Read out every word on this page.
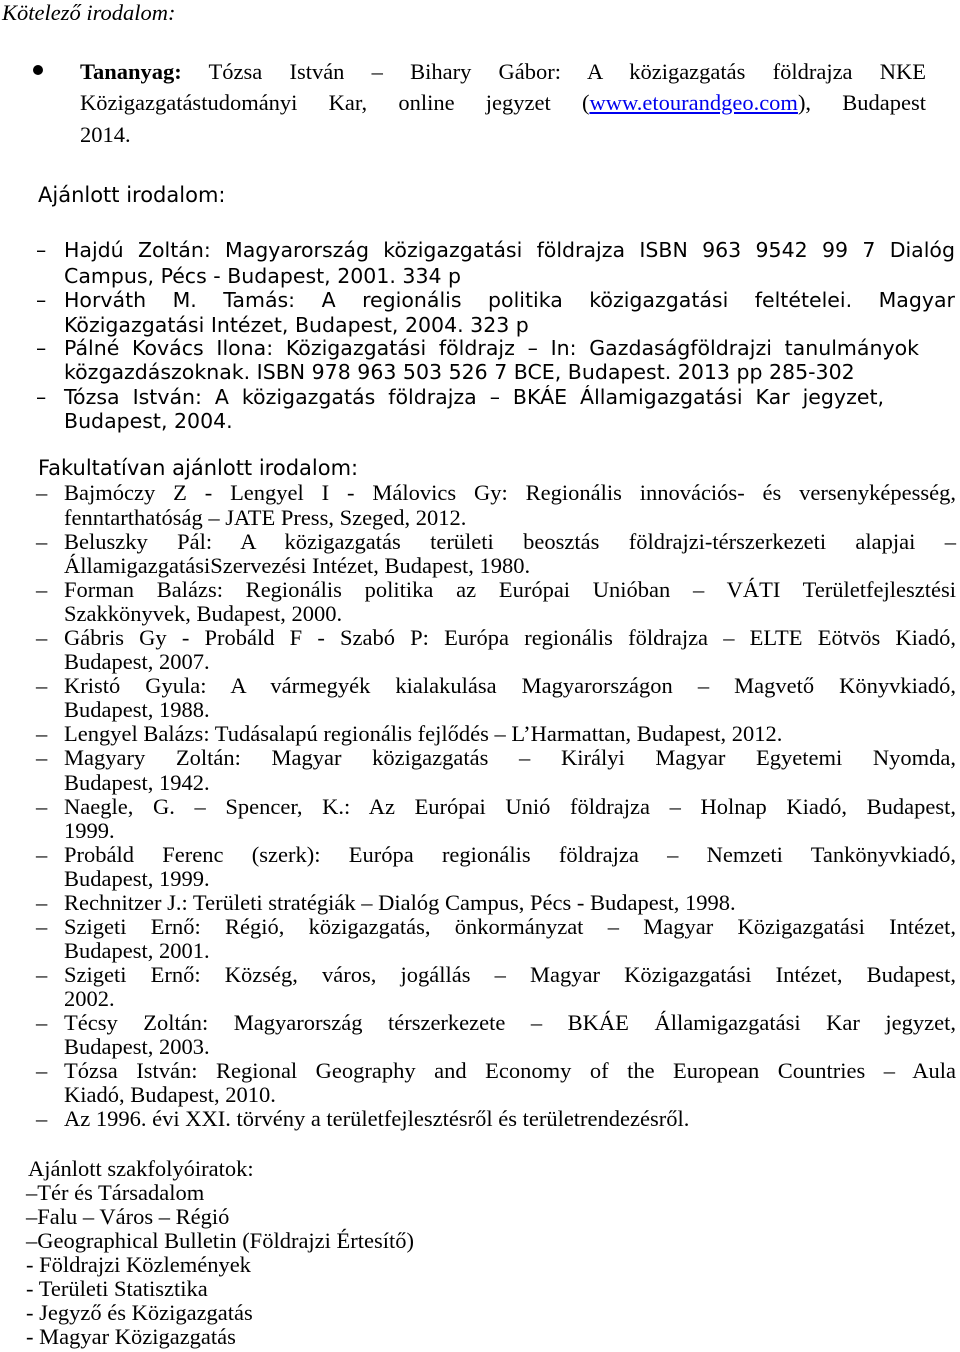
Kötelező irodalom:
Tananyag: Tózsa István – Bihary Gábor: A közigazgatás földrajza NKE
Közigazgatástudományi Kar, online jegyzet (www.etourandgeo.com), Budapest
2014.
Ajánlott irodalom:
– Hajdú Zoltán: Magyarország közigazgatási földrajza ISBN 963 9542 99 7 Dialóg
Campus, Pécs - Budapest, 2001. 334 p
– Horváth M. Tamás: A regionális politika közigazgatási feltételei. Magyar
Közigazgatási Intézet, Budapest, 2004. 323 p
– Pálné Kovács Ilona: Közigazgatási földrajz – In: Gazdaságföldrajzi tanulmányok
közgazdászoknak. ISBN 978 963 503 526 7 BCE, Budapest. 2013 pp 285-302
– Tózsa István: A közigazgatás földrajza – BKÁE Államigazgatási Kar jegyzet,
Budapest, 2004.
Fakultatívan ajánlott irodalom:
– Bajmóczy Z - Lengyel I - Málovics Gy: Regionális innovációs- és versenyképesség,
fenntarthatóság – JATE Press, Szeged, 2012.
– Beluszky Pál: A közigazgatás területi beosztás földrajzi-térszerkezeti alapjai –
ÁllamigazgatásiSzervezési Intézet, Budapest, 1980.
– Forman Balázs: Regionális politika az Európai Unióban – VÁTI Területfejlesztési
Szakkönyvek, Budapest, 2000.
– Gábris Gy - Probáld F - Szabó P: Európa regionális földrajza – ELTE Eötvös Kiadó,
Budapest, 2007.
– Kristó Gyula: A vármegyék kialakulása Magyarországon – Magvető Könyvkiadó,
Budapest, 1988.
– Lengyel Balázs: Tudásalapú regionális fejlődés – L’Harmattan, Budapest, 2012.
– Magyary Zoltán: Magyar közigazgatás – Királyi Magyar Egyetemi Nyomda,
Budapest, 1942.
– Naegle, G. – Spencer, K.: Az Európai Unió földrajza – Holnap Kiadó, Budapest,
1999.
– Probáld Ferenc (szerk): Európa regionális földrajza – Nemzeti Tankönyvkiadó,
Budapest, 1999.
– Rechnitzer J.: Területi stratégiák – Dialóg Campus, Pécs - Budapest, 1998.
– Szigeti Ernő: Régió, közigazgatás, önkormányzat – Magyar Közigazgatási Intézet,
Budapest, 2001.
– Szigeti Ernő: Község, város, jogállás – Magyar Közigazgatási Intézet, Budapest,
2002.
– Técsy Zoltán: Magyarország térszerkezete – BKÁE Államigazgatási Kar jegyzet,
Budapest, 2003.
– Tózsa István: Regional Geography and Economy of the European Countries – Aula
Kiadó, Budapest, 2010.
– Az 1996. évi XXI. törvény a területfejlesztésről és területrendezésről.
Ajánlott szakfolyóiratok:
–Tér és Társadalom
–Falu – Város – Régió
–Geographical Bulletin (Földrajzi Értesítő)
- Földrajzi Közlemények
- Területi Statisztika
- Jegyző és Közigazgatás
- Magyar Közigazgatás
